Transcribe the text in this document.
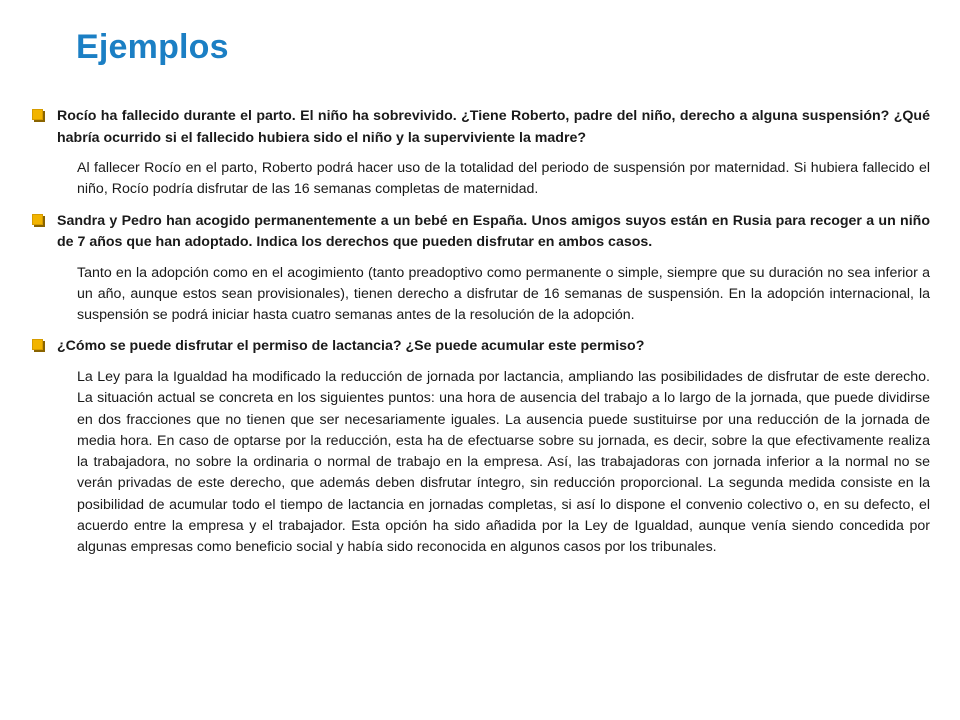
Ejemplos

Rocío ha fallecido durante el parto. El niño ha sobrevivido. ¿Tiene Roberto, padre del niño, derecho a alguna suspensión? ¿Qué habría ocurrido si el fallecido hubiera sido el niño y la superviviente la madre?

Al fallecer Rocío en el parto, Roberto podrá hacer uso de la totalidad del periodo de suspensión por maternidad. Si hubiera fallecido el niño, Rocío podría disfrutar de las 16 semanas completas de maternidad.

Sandra y Pedro han acogido permanentemente a un bebé en España. Unos amigos suyos están en Rusia para recoger a un niño de 7 años que han adoptado. Indica los derechos que pueden disfrutar en ambos casos.

Tanto en la adopción como en el acogimiento (tanto preadoptivo como permanente o simple, siempre que su duración no sea inferior a un año, aunque estos sean provisionales), tienen derecho a disfrutar de 16 semanas de suspensión. En la adopción internacional, la suspensión se podrá iniciar hasta cuatro semanas antes de la resolución de la adopción.

¿Cómo se puede disfrutar el permiso de lactancia? ¿Se puede acumular este permiso?

La Ley para la Igualdad ha modificado la reducción de jornada por lactancia, ampliando las posibilidades de disfrutar de este derecho. La situación actual se concreta en los siguientes puntos: una hora de ausencia del trabajo a lo largo de la jornada, que puede dividirse en dos fracciones que no tienen que ser necesariamente iguales. La ausencia puede sustituirse por una reducción de la jornada de media hora. En caso de optarse por la reducción, esta ha de efectuarse sobre su jornada, es decir, sobre la que efectivamente realiza la trabajadora, no sobre la ordinaria o normal de trabajo en la empresa. Así, las trabajadoras con jornada inferior a la normal no se verán privadas de este derecho, que además deben disfrutar íntegro, sin reducción proporcional. La segunda medida consiste en la posibilidad de acumular todo el tiempo de lactancia en jornadas completas, si así lo dispone el convenio colectivo o, en su defecto, el acuerdo entre la empresa y el trabajador. Esta opción ha sido añadida por la Ley de Igualdad, aunque venía siendo concedida por algunas empresas como beneficio social y había sido reconocida en algunos casos por los tribunales.
